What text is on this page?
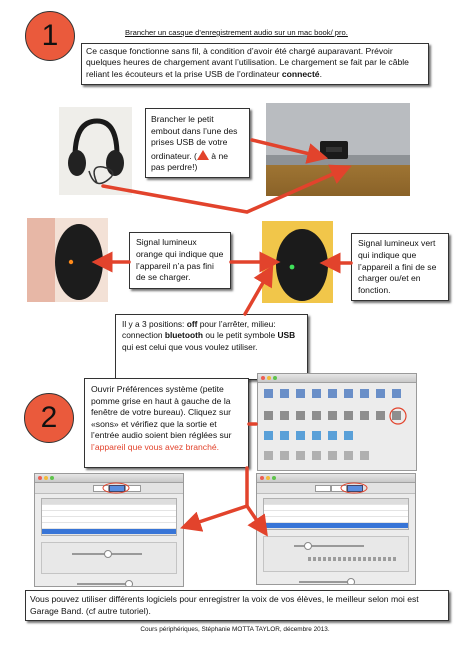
1	Brancher un casque d’enregistrement audio sur un mac book/ pro.
Ce casque fonctionne sans fil, à condition d’avoir été chargé auparavant. Prévoir quelques heures de chargement avant l’utilisation. Le chargement se fait par le câble reliant les écouteurs et la prise USB de l’ordinateur connecté.
Brancher le petit embout dans l’une des prises USB de votre ordinateur. ( à ne pas perdre!)
Signal lumineux orange qui indique que l’appareil n’a pas fini de se charger.
Signal lumineux vert qui indique que l’appareil a fini de se charger ou/et en fonction.
Il y a 3 positions: off pour l’arrêter, milieu: connection bluetooth ou le petit symbole USB qui est celui que vous voulez utiliser.
2
Ouvrir Préférences système (petite pomme grise en haut à gauche de la fenêtre de votre bureau). Cliquez sur «sons» et vérifiez que la sortie et l’entrée audio soient bien réglées sur l’appareil que vous avez branché.
Vous pouvez utiliser différents logiciels pour enregistrer la voix de vos élèves, le meilleur selon moi est Garage Band. (cf autre tutoriel).
Cours périphériques, Stéphanie MOTTA TAYLOR, décembre 2013.
